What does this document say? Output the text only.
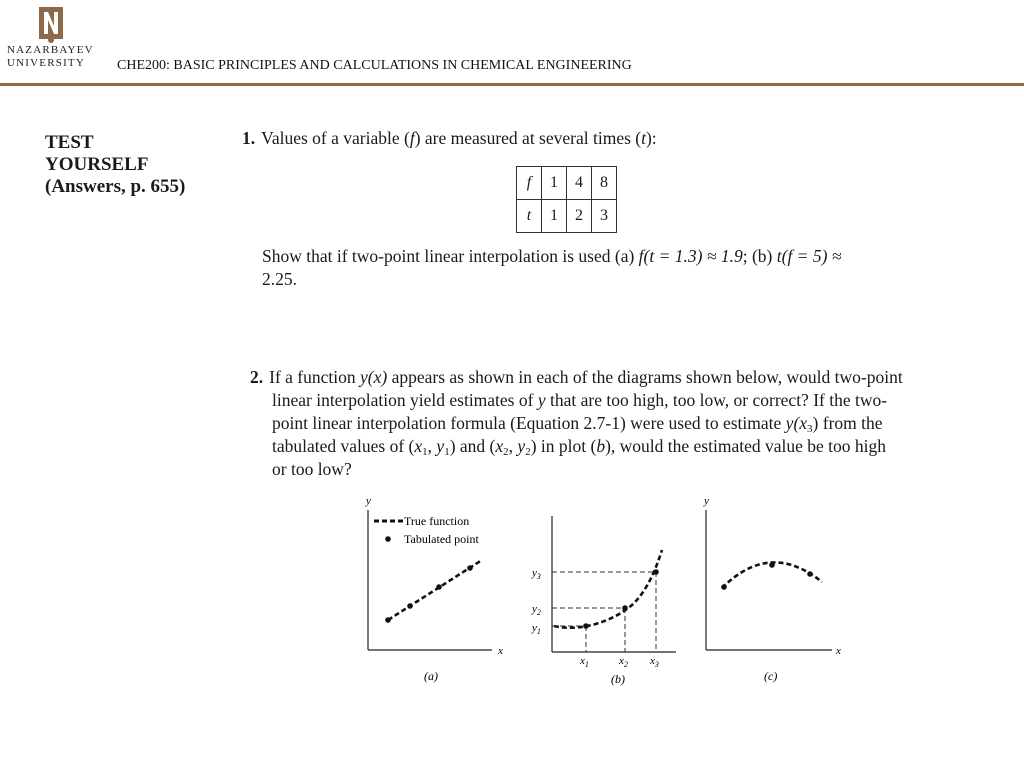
NAZARBAYEV
UNIVERSITY	CHE200: BASIC PRINCIPLES AND CALCULATIONS IN CHEMICAL ENGINEERING
TEST
YOURSELF
(Answers, p. 655)
1. Values of a variable (f) are measured at several times (t):
f	1	4	8
t	1	2	3
Show that if two-point linear interpolation is used (a) f(t = 1.3) ≈ 1.9; (b) t(f = 5) ≈
2.25.
2. If a function y(x) appears as shown in each of the diagrams shown below, would two-point
linear interpolation yield estimates of y that are too high, too low, or correct? If the two-
point linear interpolation formula (Equation 2.7-1) were used to estimate $y(x_3)$ from the
tabulated values of ($x_1$, $y_1$) and ($x_2$, $y_2$) in plot (b), would the estimated value be too high
or too low?
y
x
True function
Tabulated point
(a)
$y_1$
$y_2$
$y_3$
$x_1$	$x_2$ $x_3$
(b)
y
x
(c)
